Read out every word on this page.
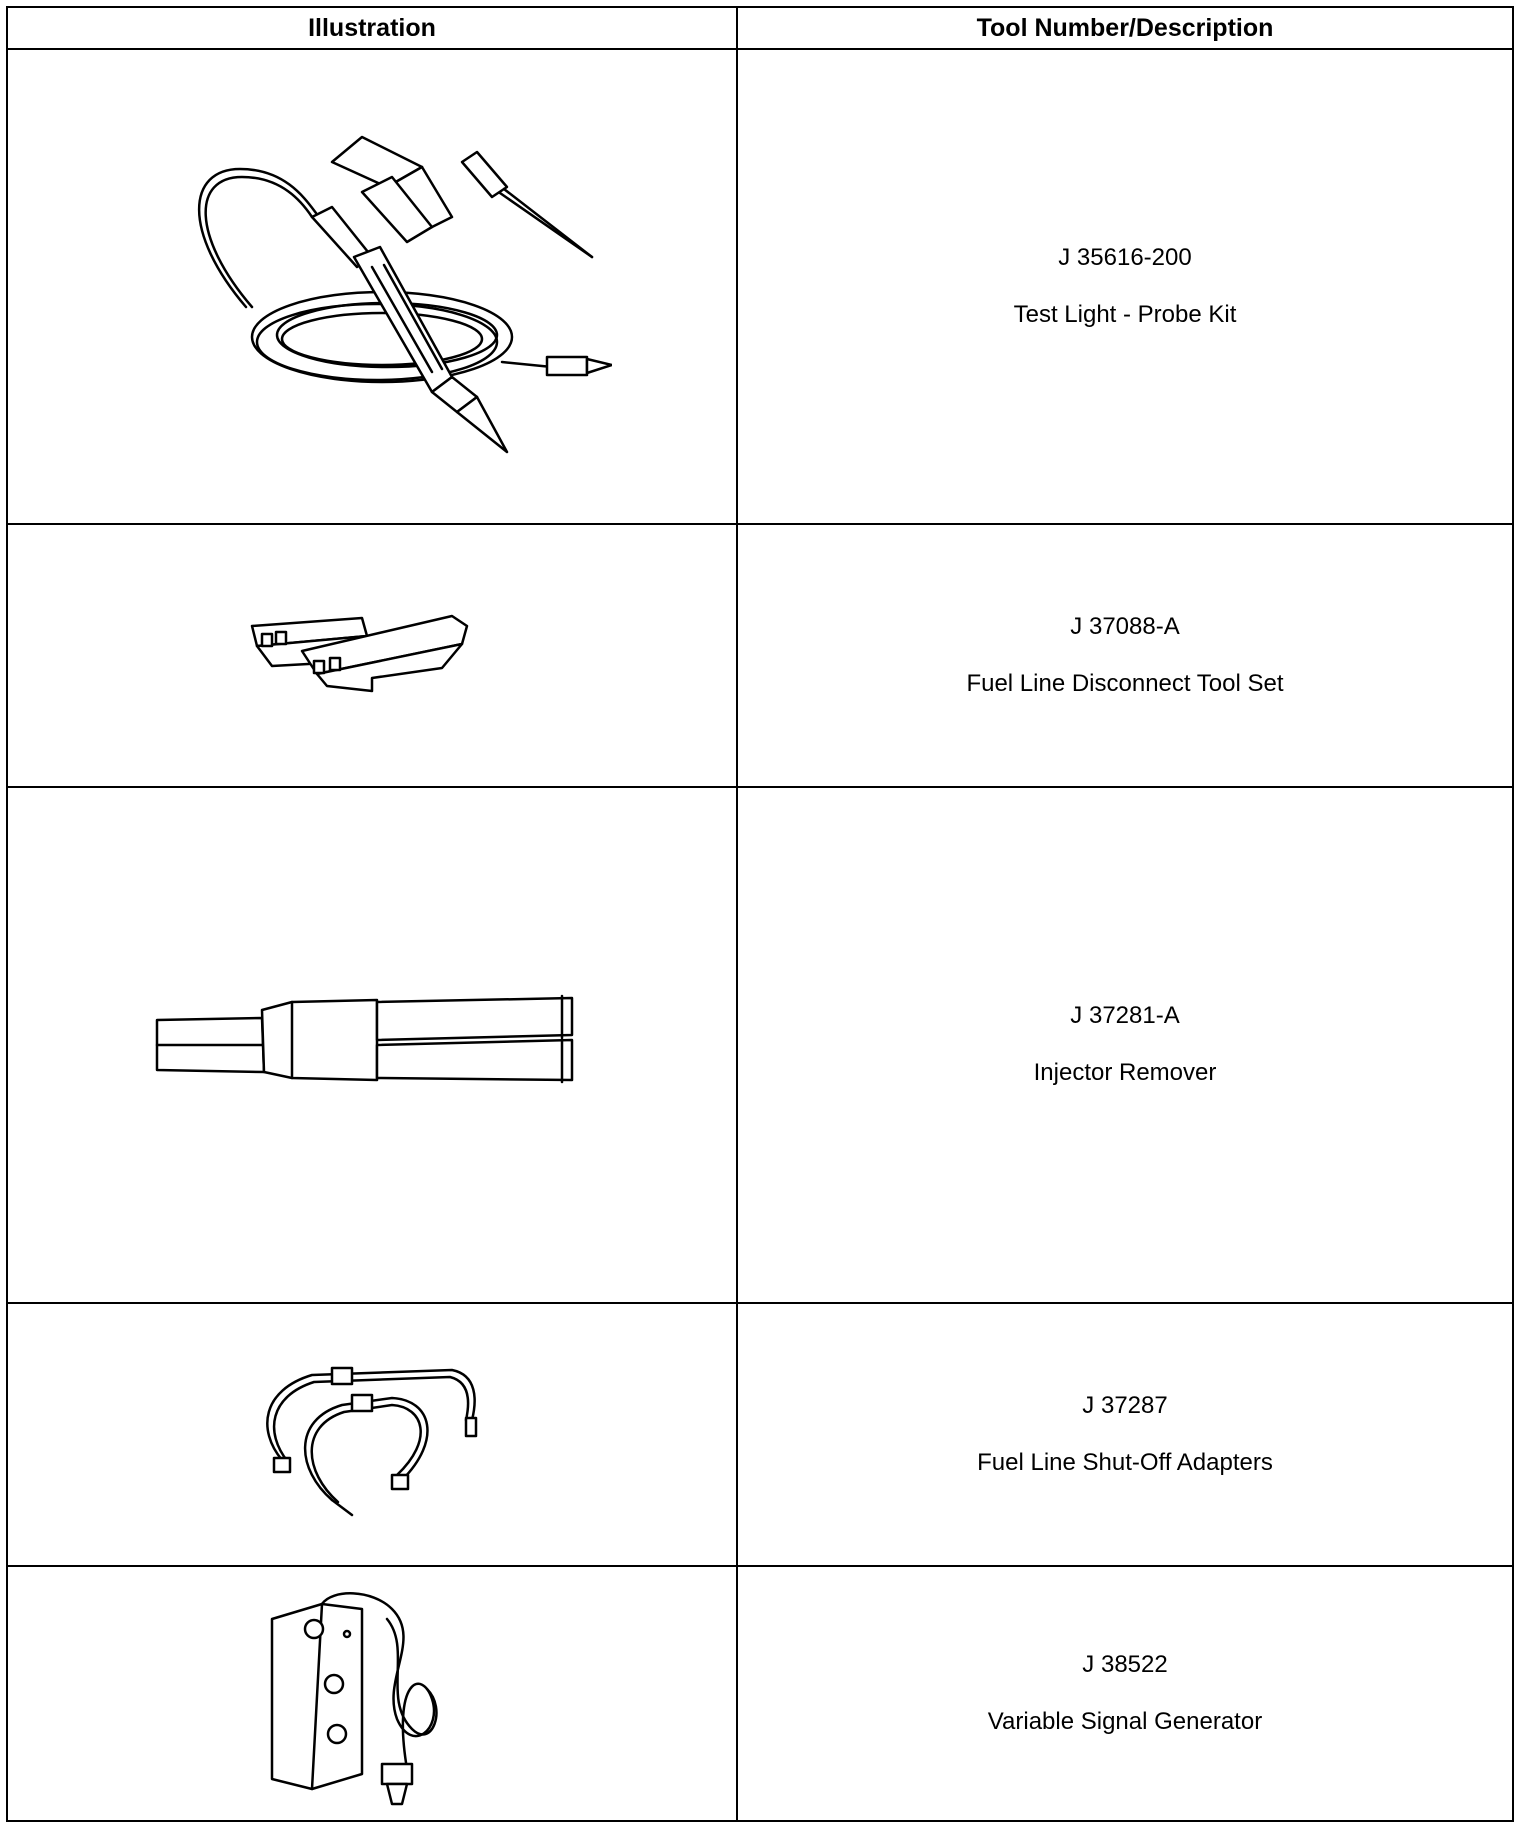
Illustration	Tool Number/Description

J 35616-200
Test Light - Probe Kit

J 37088-A
Fuel Line Disconnect Tool Set

J 37281-A
Injector Remover

J 37287
Fuel Line Shut-Off Adapters

J 38522
Variable Signal Generator
